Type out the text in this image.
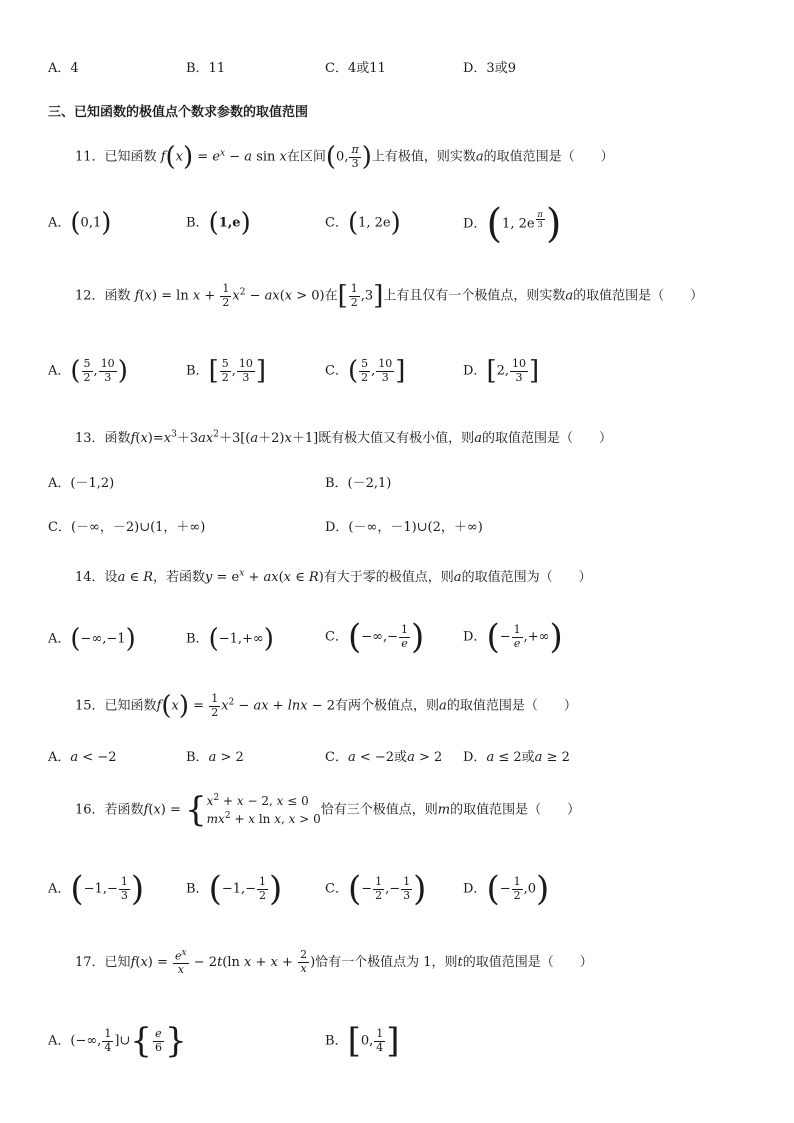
A．4	B．11	C．4或11	D．3或9
三、已知函数的极值点个数求参数的取值范围
11．已知函数 $f(x) = e^x - a$ sin x在区间(0, $\frac{\pi}{3}$ )上有极值，则实数a的取值范围是（　　）
A．(0,1)	B．(1,e)	C．(1, 2e)	D．(1, 2e $^{\frac{\pi}{3}}$ )
12．函数 $f(x) = \ln x + \frac{1}{2} x^2 - ax(x > 0)$在[ $\frac{1}{2} ,3$]上有且仅有一个极值点，则实数a的取值范围是（　　）
A．( $\frac{5}{2}$ , $\frac{10}{3}$ )	B．[ $\frac{5}{2}$ , $\frac{10}{3}$ ]	C．( $\frac{5}{2}$ , $\frac{10}{3}$ ]	D．[2, $\frac{10}{3}$ ]
13．函数$f(x)=x^3+3ax^2+3[(a+2)x+1]$既有极大值又有极小值，则a的取值范围是（　　）
A．(－1,2)	B．(－2,1)
C．(－∞，－2)∪(1，＋∞)	D．(－∞，－1)∪(2，＋∞)
14．设a ∈ R，若函数$y = e^x + ax(x$ ∈ R)有大于零的极值点，则a的取值范围为（　　）
A．(−∞,−1)	B．(−1,+∞)	C．(−∞,− $\frac{1}{e}$ )	D．(− $\frac{1}{e}$ ,+∞)
15．已知函数$f(x) = \frac{1}{2} x^2$ − ax + lnx − 2有两个极值点，则a的取值范围是（　　）
A．a < −2	B．a > 2	C．a < −2或a > 2 D．a ≤ 2或a ≥ 2
16．若函数f(x) = { $x^2 + x - 2$, x ≤ 0
$mx^2 + x$ ln x, x > 0
恰有三个极值点，则m的取值范围是（　　）
A．($-1,- \frac{1}{3}$ )	B．($-1,- \frac{1}{2}$ )	C．(− $\frac{1}{2}$ ,− $\frac{1}{3}$ )	D．(− $\frac{1}{2} ,0$)
17．已知$f(x) = \frac{e^x}{x} - 2t(\ln$ $x + x + \frac{2}{x}$ )恰有一个极值点为 1，则t的取值范围是（　　）
A．(−∞, $\frac{1}{4}$ ]∪{ $\frac{e}{6}$ }	B．[0, $\frac{1}{4}$ ]
